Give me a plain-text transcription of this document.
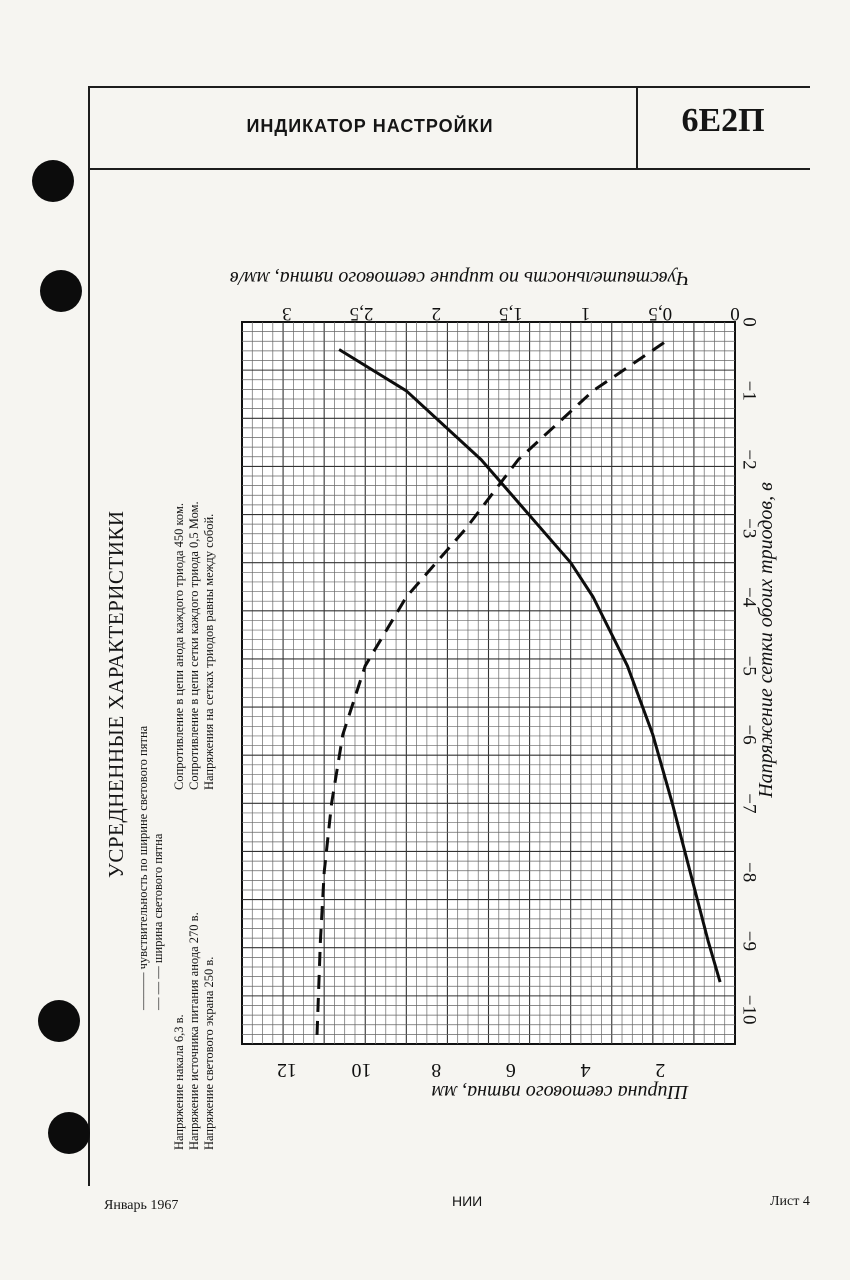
ИНДИКАТОР НАСТРОЙКИ	6Е2П
УСРЕДНЕННЫЕ ХАРАКТЕРИСТИКИ ——— чувствительность по ширине светового пятна — — — ширина светового пятна
Напряжение накала 6,3 в. Напряжение источника питания анода 270 в. Напряжение светового экрана 250 в.
Сопротивление в цепи анода каждого триода 450 ком. Сопротивление в цепи сетки каждого триода 0,5 Мом. Напряжения на сетках триодов равны между собой.
0
−1
−2
−3
−4
−5
−6
−7
−8
−9
−10
0
0,5
1
1,5
2
2,5
3
2
4
6
8
10
12
Напряжение сетки обоих триодов, в
Чувствительность по ширине светового пятна, мм/в
Ширина светового пятна, мм
Январь 1967	НИИ	Лист 4
